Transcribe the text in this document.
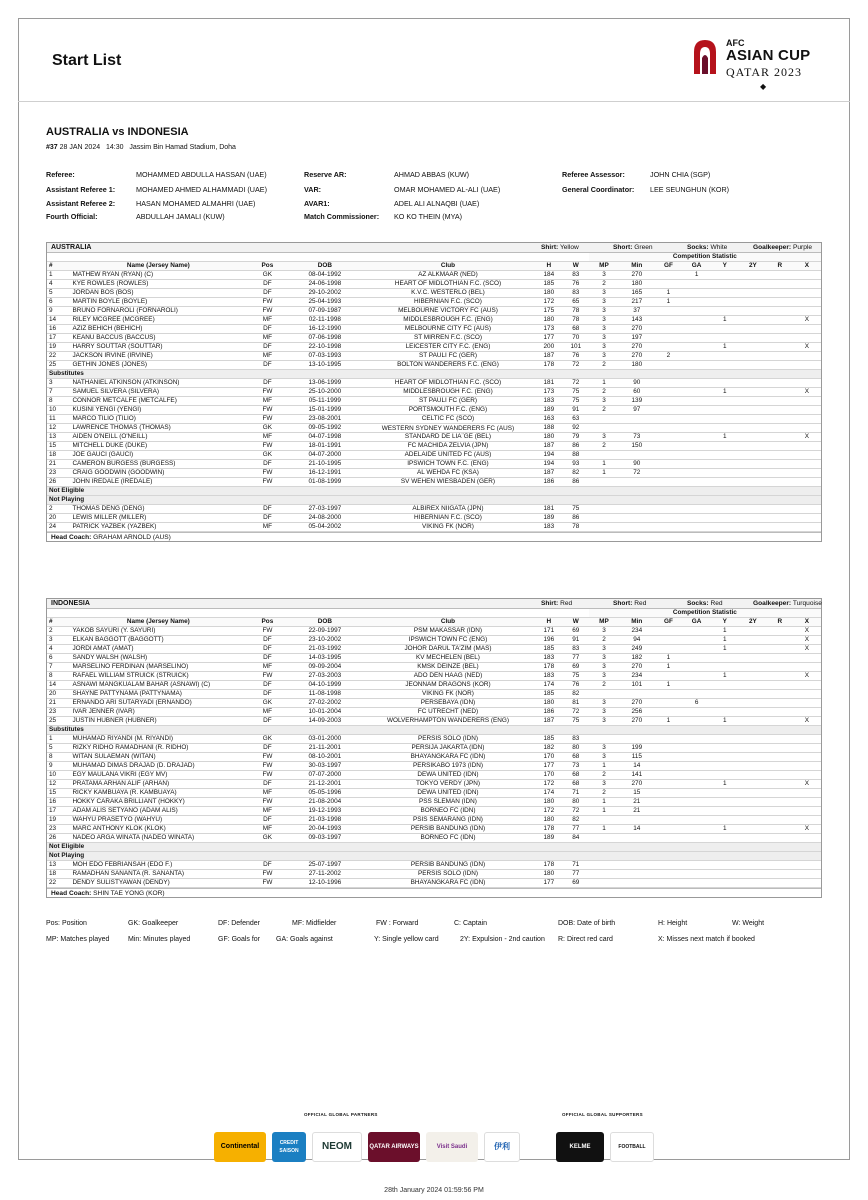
Start List
AFC
ASIAN CUP
QATAR 2023
◆
AUSTRALIA vs INDONESIA
#37 28 JAN 2024 14:30 Jassim Bin Hamad Stadium, Doha
Referee:	MOHAMMED ABDULLA HASSAN (UAE)
Assistant Referee 1:	MOHAMED AHMED ALHAMMADI (UAE)
Assistant Referee 2:	HASAN MOHAMED ALMAHRI (UAE)
Fourth Official:	ABDULLAH JAMALI (KUW)
Reserve AR:	AHMAD ABBAS (KUW)
VAR:	OMAR MOHAMED AL-ALI (UAE)
AVAR1:	ADEL ALI ALNAQBI (UAE)
Match Commissioner: KO KO THEIN (MYA)
Referee Assessor:	JOHN CHIA (SGP)
General Coordinator: LEE SEUNGHUN (KOR)
AUSTRALIA	Shirt: Yellow	Short: Green	Socks: White	Goalkeeper: Purple
							Competition Statistic							
#	Name (Jersey Name)	Pos	DOB	Club	H	W	MP	Min	GF	GA	Y	2Y	R	X
1	MATHEW RYAN (RYAN) (C)	GK	08-04-1992	AZ ALKMAAR (NED)	184	83	3	270		1				
4	KYE ROWLES (ROWLES)	DF	24-06-1998	HEART OF MIDLOTHIAN F.C. (SCO)	185	76	2	180						
5	JORDAN BOS (BOS)	DF	29-10-2002	K.V.C. WESTERLO (BEL)	180	83	3	165	1					
6	MARTIN BOYLE (BOYLE)	FW	25-04-1993	HIBERNIAN F.C. (SCO)	172	65	3	217	1					
9	BRUNO FORNAROLI (FORNAROLI)	FW	07-09-1987	MELBOURNE VICTORY FC (AUS)	175	78	3	37						
14	RILEY MCGREE (MCGREE)	MF	02-11-1998	MIDDLESBROUGH F.C. (ENG)	180	78	3	143			1			X
16	AZIZ BEHICH (BEHICH)	DF	16-12-1990	MELBOURNE CITY FC (AUS)	173	68	3	270						
17	KEANU BACCUS (BACCUS)	MF	07-06-1998	ST MIRREN F.C. (SCO)	177	70	3	197						
19	HARRY SOUTTAR (SOUTTAR)	DF	22-10-1998	LEICESTER CITY F.C. (ENG)	200	101	3	270			1			X
22	JACKSON IRVINE (IRVINE)	MF	07-03-1993	ST PAULI FC (GER)	187	76	3	270	2					
25	GETHIN JONES (JONES)	DF	13-10-1995	BOLTON WANDERERS F.C. (ENG)	178	72	2	180						
Substitutes														
3	NATHANIEL ATKINSON (ATKINSON)	DF	13-06-1999	HEART OF MIDLOTHIAN F.C. (SCO)	181	72	1	90						
7	SAMUEL SILVERA (SILVERA)	FW	25-10-2000	MIDDLESBROUGH F.C. (ENG)	173	75	2	60			1			X
8	CONNOR METCALFE (METCALFE)	MF	05-11-1999	ST PAULI FC (GER)	183	75	3	139						
10	KUSINI YENGI (YENGI)	FW	15-01-1999	PORTSMOUTH F.C. (ENG)	189	91	2	97						
11	MARCO TILIO (TILIO)	FW	23-08-2001	CELTIC FC (SCO)	163	63								
12	LAWRENCE THOMAS (THOMAS)	GK	09-05-1992	WESTERN SYDNEY WANDERERS FC (AUS)	188	92								
13	AIDEN O'NEILL (O'NEILL)	MF	04-07-1998	STANDARD DE LIÃ¨GE (BEL)	180	79	3	73			1			X
15	MITCHELL DUKE (DUKE)	FW	18-01-1991	FC MACHIDA ZELVIA (JPN)	187	86	2	150						
18	JOE GAUCI (GAUCI)	GK	04-07-2000	ADELAIDE UNITED FC (AUS)	194	88								
21	CAMERON BURGESS (BURGESS)	DF	21-10-1995	IPSWICH TOWN F.C. (ENG)	194	93	1	90						
23	CRAIG GOODWIN (GOODWIN)	FW	16-12-1991	AL WEHDA FC (KSA)	187	82	1	72						
26	JOHN IREDALE (IREDALE)	FW	01-08-1999	SV WEHEN WIESBADEN (GER)	186	86								
Not Eligible														
Not Playing														
2	THOMAS DENG (DENG)	DF	27-03-1997	ALBIREX NIIGATA (JPN)	181	75								
20	LEWIS MILLER (MILLER)	DF	24-08-2000	HIBERNIAN F.C. (SCO)	189	86								
24	PATRICK YAZBEK (YAZBEK)	MF	05-04-2002	VIKING FK (NOR)	183	78								
Head Coach: GRAHAM ARNOLD (AUS)
INDONESIA	Shirt: Red	Short: Red	Socks: Red	Goalkeeper: Turquoise
							Competition Statistic							
#	Name (Jersey Name)	Pos	DOB	Club	H	W	MP	Min	GF	GA	Y	2Y	R	X
2	YAKOB SAYURI (Y. SAYURI)	FW	22-09-1997	PSM MAKASSAR (IDN)	171	69	3	234			1			X
3	ELKAN BAGGOTT (BAGGOTT)	DF	23-10-2002	IPSWICH TOWN FC (ENG)	196	91	2	94			1			X
4	JORDI AMAT (AMAT)	DF	21-03-1992	JOHOR DARUL TA'ZIM (MAS)	185	83	3	249			1			X
6	SANDY WALSH (WALSH)	DF	14-03-1995	KV MECHELEN (BEL)	183	77	3	182	1					
7	MARSELINO FERDINAN (MARSELINO)	MF	09-09-2004	KMSK DEINZE (BEL)	178	69	3	270	1					
8	RAFAEL WILLIAM STRUICK (STRUICK)	FW	27-03-2003	ADO DEN HAAG (NED)	183	75	3	234			1			X
14	ASNAWI MANGKUALAM BAHAR (ASNAWI) (C)	DF	04-10-1999	JEONNAM DRAGONS (KOR)	174	76	2	101	1					
20	SHAYNE PATTYNAMA (PATTYNAMA)	DF	11-08-1998	VIKING FK (NOR)	185	82								
21	ERNANDO ARI SUTARYADI (ERNANDO)	GK	27-02-2002	PERSEBAYA (IDN)	180	81	3	270		6				
23	IVAR JENNER (IVAR)	MF	10-01-2004	FC UTRECHT (NED)	186	72	3	256						
25	JUSTIN HUBNER (HUBNER)	DF	14-09-2003	WOLVERHAMPTON WANDERERS (ENG)	187	75	3	270	1		1			X
Substitutes														
1	MUHAMAD RIYANDI (M. RIYANDI)	GK	03-01-2000	PERSIS SOLO (IDN)	185	83								
5	RIZKY RIDHO RAMADHANI (R. RIDHO)	DF	21-11-2001	PERSIJA JAKARTA (IDN)	182	80	3	199						
8	WITAN SULAEMAN (WITAN)	FW	08-10-2001	BHAYANGKARA FC (IDN)	170	68	3	115						
9	MUHAMAD DIMAS DRAJAD (D. DRAJAD)	FW	30-03-1997	PERSIKABO 1973 (IDN)	177	73	1	14						
10	EGY MAULANA VIKRI (EGY MV)	FW	07-07-2000	DEWA UNITED (IDN)	170	68	2	141						
12	PRATAMA ARHAN ALIF (ARHAN)	DF	21-12-2001	TOKYO VERDY (JPN)	172	68	3	270			1			X
15	RICKY KAMBUAYA (R. KAMBUAYA)	MF	05-05-1996	DEWA UNITED (IDN)	174	71	2	15						
16	HOKKY CARAKA BRILLIANT (HOKKY)	FW	21-08-2004	PSS SLEMAN (IDN)	180	80	1	21						
17	ADAM ALIS SETYANO (ADAM ALIS)	MF	19-12-1993	BORNEO FC (IDN)	172	72	1	21						
19	WAHYU PRASETYO (WAHYU)	DF	21-03-1998	PSIS SEMARANG (IDN)	180	82								
23	MARC ANTHONY KLOK (KLOK)	MF	20-04-1993	PERSIB BANDUNG (IDN)	178	77	1	14			1			X
26	NADEO ARGA WINATA (NADEO WINATA)	GK	09-03-1997	BORNEO FC (IDN)	189	84								
Not Eligible														
Not Playing														
13	MOH EDO FEBRIANSAH (EDO F.)	DF	25-07-1997	PERSIB BANDUNG (IDN)	178	71								
18	RAMADHAN SANANTA (R. SANANTA)	FW	27-11-2002	PERSIS SOLO (IDN)	180	77								
22	DENDY SULISTYAWAN (DENDY)	FW	12-10-1996	BHAYANGKARA FC (IDN)	177	69								
Head Coach: SHIN TAE YONG (KOR)
Pos: Position	GK: Goalkeeper	DF: Defender	MF: Midfielder	FW : Forward	C: Captain	DOB: Date of birth	H: Height	W: Weight
MP: Matches played	Min: Minutes played	GF: Goals for GA: Goals against	Y: Single yellow card	2Y: Expulsion - 2nd caution R: Direct red card	X: Misses next match if booked
OFFICIAL GLOBAL PARTNERS	OFFICIAL GLOBAL SUPPORTERS
Continental	CREDIT SAISON	NEOM	QATAR AIRWAYS	Visit Saudi	伊利	KELME	FOOTBALL
28th January 2024 01:59:56 PM
